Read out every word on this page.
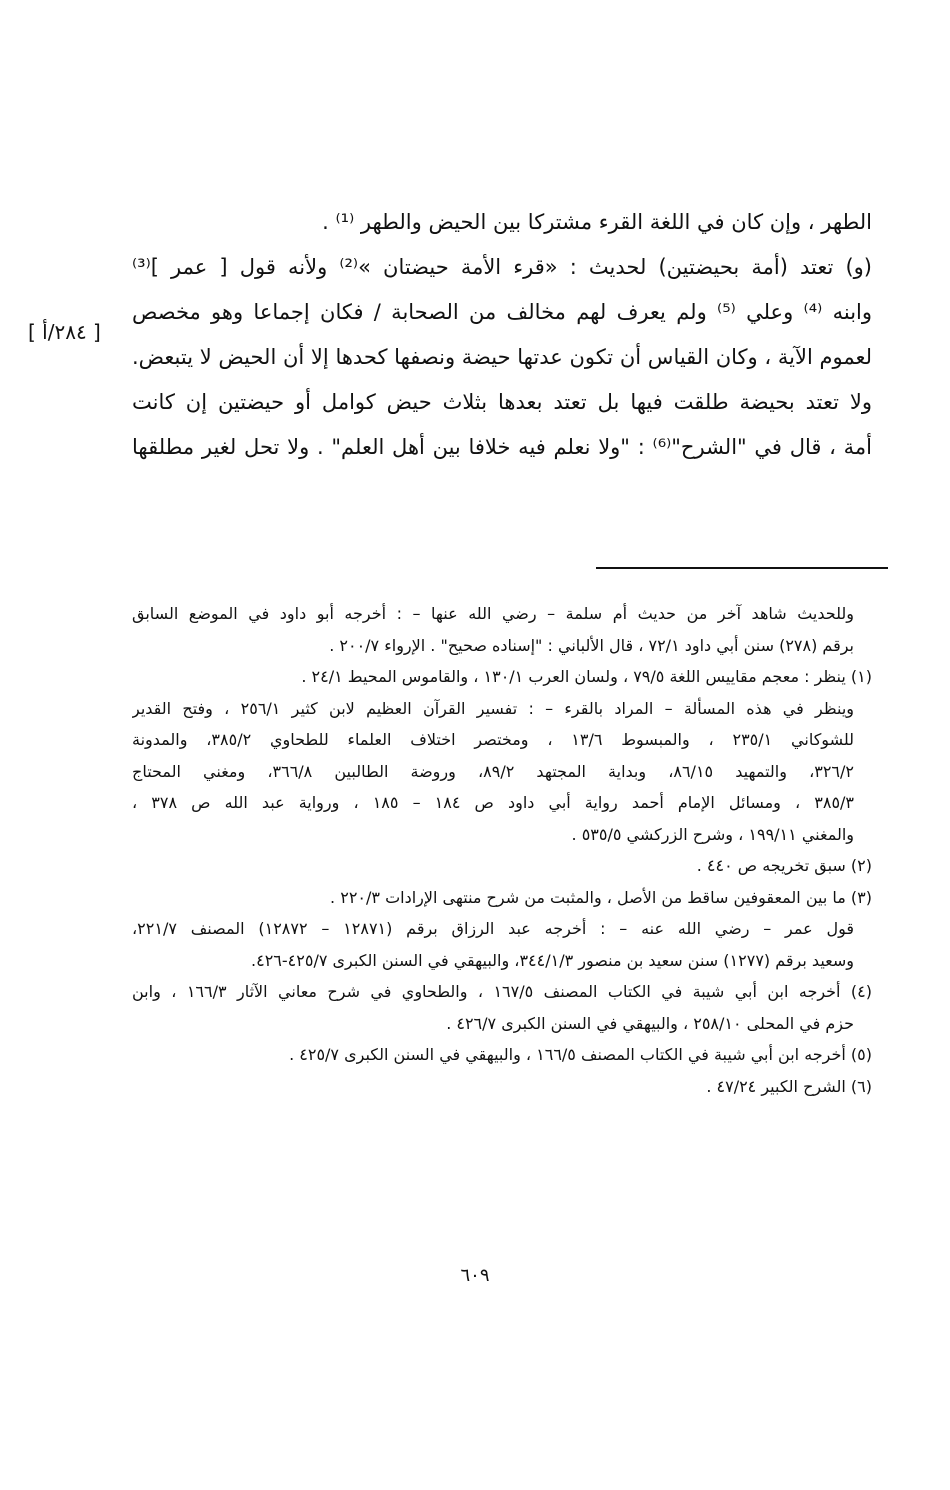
الطهر ، وإن كان في اللغة القرء مشتركا بين الحيض والطهر ⁽¹⁾ .
(و) تعتد (أمة بحيضتين) لحديث : «قرء الأمة حيضتان »⁽²⁾ ولأنه قول [ عمر ]⁽³⁾
وابنه ⁽⁴⁾ وعلي ⁽⁵⁾ ولم يعرف لهم مخالف من الصحابة / فكان إجماعا وهو مخصص
لعموم الآية ، وكان القياس أن تكون عدتها حيضة ونصفها كحدها إلا أن الحيض لا يتبعض.
ولا تعتد بحيضة طلقت فيها بل تعتد بعدها بثلاث حيض كوامل أو حيضتين إن كانت
أمة ، قال في "الشرح"⁽⁶⁾ : "ولا نعلم فيه خلافا بين أهل العلم" . ولا تحل لغير مطلقها
[ ٢٨٤/أ ]
وللحديث شاهد آخر من حديث أم سلمة – رضي الله عنها – : أخرجه أبو داود في الموضع السابق
برقم (٢٧٨) سنن أبي داود ٧٢/١ ، قال الألباني : "إسناده صحيح" . الإرواء ٢٠٠/٧ .
(١) ينظر : معجم مقاييس اللغة ٧٩/٥ ، ولسان العرب ١٣٠/١ ، والقاموس المحيط ٢٤/١ .
وينظر في هذه المسألة – المراد بالقرء – : تفسير القرآن العظيم لابن كثير ٢٥٦/١ ، وفتح القدير
للشوكاني ٢٣٥/١ ، والمبسوط ١٣/٦ ، ومختصر اختلاف العلماء للطحاوي ٣٨٥/٢، والمدونة
٣٢٦/٢، والتمهيد ٨٦/١٥، وبداية المجتهد ٨٩/٢، وروضة الطالبين ٣٦٦/٨، ومغني المحتاج
٣٨٥/٣ ، ومسائل الإمام أحمد رواية أبي داود ص ١٨٤ – ١٨٥ ، ورواية عبد الله ص ٣٧٨ ،
والمغني ١٩٩/١١ ، وشرح الزركشي ٥٣٥/٥ .
(٢) سبق تخريجه ص ٤٤٠ .
(٣) ما بين المعقوفين ساقط من الأصل ، والمثبت من شرح منتهى الإرادات ٢٢٠/٣ .
قول عمر – رضي الله عنه – : أخرجه عبد الرزاق برقم (١٢٨٧١ – ١٢٨٧٢) المصنف ٢٢١/٧،
وسعيد برقم (١٢٧٧) سنن سعيد بن منصور ٣٤٤/١/٣، والبيهقي في السنن الكبرى ٤٢٥/٧-٤٢٦.
(٤) أخرجه ابن أبي شيبة في الكتاب المصنف ١٦٧/٥ ، والطحاوي في شرح معاني الآثار ١٦٦/٣ ، وابن
حزم في المحلى ٢٥٨/١٠ ، والبيهقي في السنن الكبرى ٤٢٦/٧ .
(٥) أخرجه ابن أبي شيبة في الكتاب المصنف ١٦٦/٥ ، والبيهقي في السنن الكبرى ٤٢٥/٧ .
(٦) الشرح الكبير ٤٧/٢٤ .
٦٠٩
